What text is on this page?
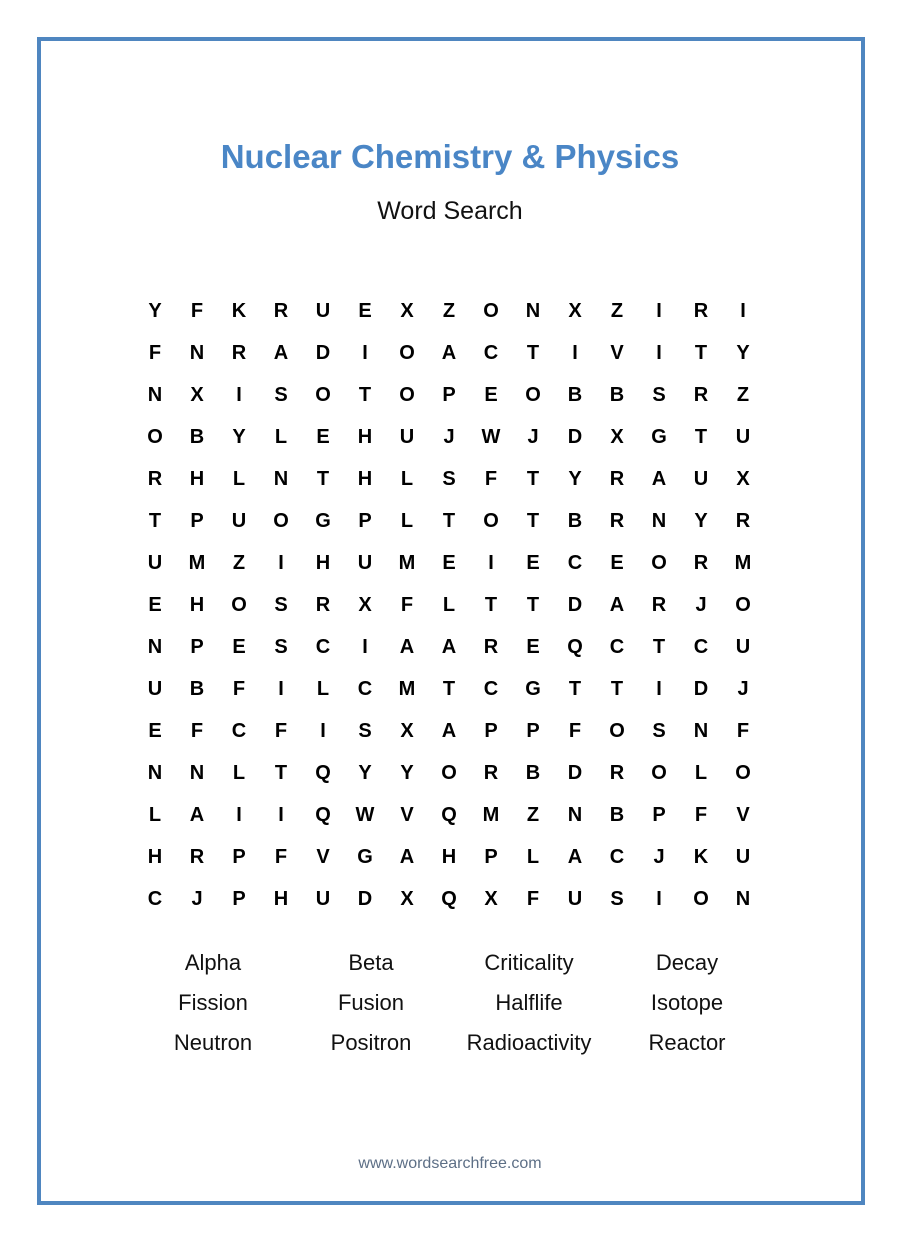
Nuclear Chemistry & Physics
Word Search
Y	F	K	R	U	E	X	Z	O	N	X	Z	I	R	I
F	N	R	A	D	I	O	A	C	T	I	V	I	T	Y
N	X	I	S	O	T	O	P	E	O	B	B	S	R	Z
O	B	Y	L	E	H	U	J	W	J	D	X	G	T	U
R	H	L	N	T	H	L	S	F	T	Y	R	A	U	X
T	P	U	O	G	P	L	T	O	T	B	R	N	Y	R
U	M	Z	I	H	U	M	E	I	E	C	E	O	R	M
E	H	O	S	R	X	F	L	T	T	D	A	R	J	O
N	P	E	S	C	I	A	A	R	E	Q	C	T	C	U
U	B	F	I	L	C	M	T	C	G	T	T	I	D	J
E	F	C	F	I	S	X	A	P	P	F	O	S	N	F
N	N	L	T	Q	Y	Y	O	R	B	D	R	O	L	O
L	A	I	I	Q	W	V	Q	M	Z	N	B	P	F	V
H	R	P	F	V	G	A	H	P	L	A	C	J	K	U
C	J	P	H	U	D	X	Q	X	F	U	S	I	O	N
Alpha	Beta	Criticality	Decay
Fission	Fusion	Halflife	Isotope
Neutron	Positron	Radioactivity	Reactor
www.wordsearchfree.com
